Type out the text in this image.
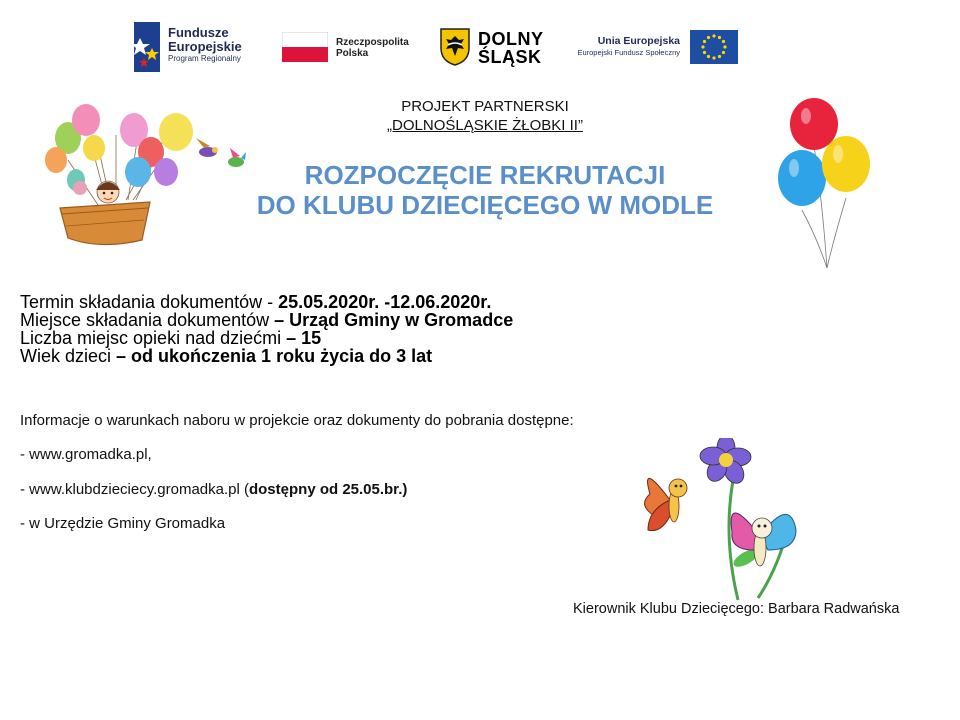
Fundusze
Europejskie
Program Regionalny
Rzeczpospolita
Polska
DOLNY
ŚLĄSK
Unia Europejska
Europejski Fundusz Społeczny
PROJEKT PARTNERSKI
„DOLNOŚLĄSKIE ŻŁOBKI II”
ROZPOCZĘCIE REKRUTACJI
DO KLUBU DZIECIĘCEGO W MODLE
Termin składania dokumentów - 25.05.2020r. -12.06.2020r.
Miejsce składania dokumentów – Urząd Gminy w Gromadce
Liczba miejsc opieki nad dziećmi – 15
Wiek dzieci – od ukończenia 1 roku życia do 3 lat
Informacje o warunkach naboru w projekcie oraz dokumenty do pobrania dostępne:
- www.gromadka.pl,
- www.klubdzieciecy.gromadka.pl (dostępny od 25.05.br.)
- w Urzędzie Gminy Gromadka
Kierownik Klubu Dziecięcego: Barbara Radwańska
